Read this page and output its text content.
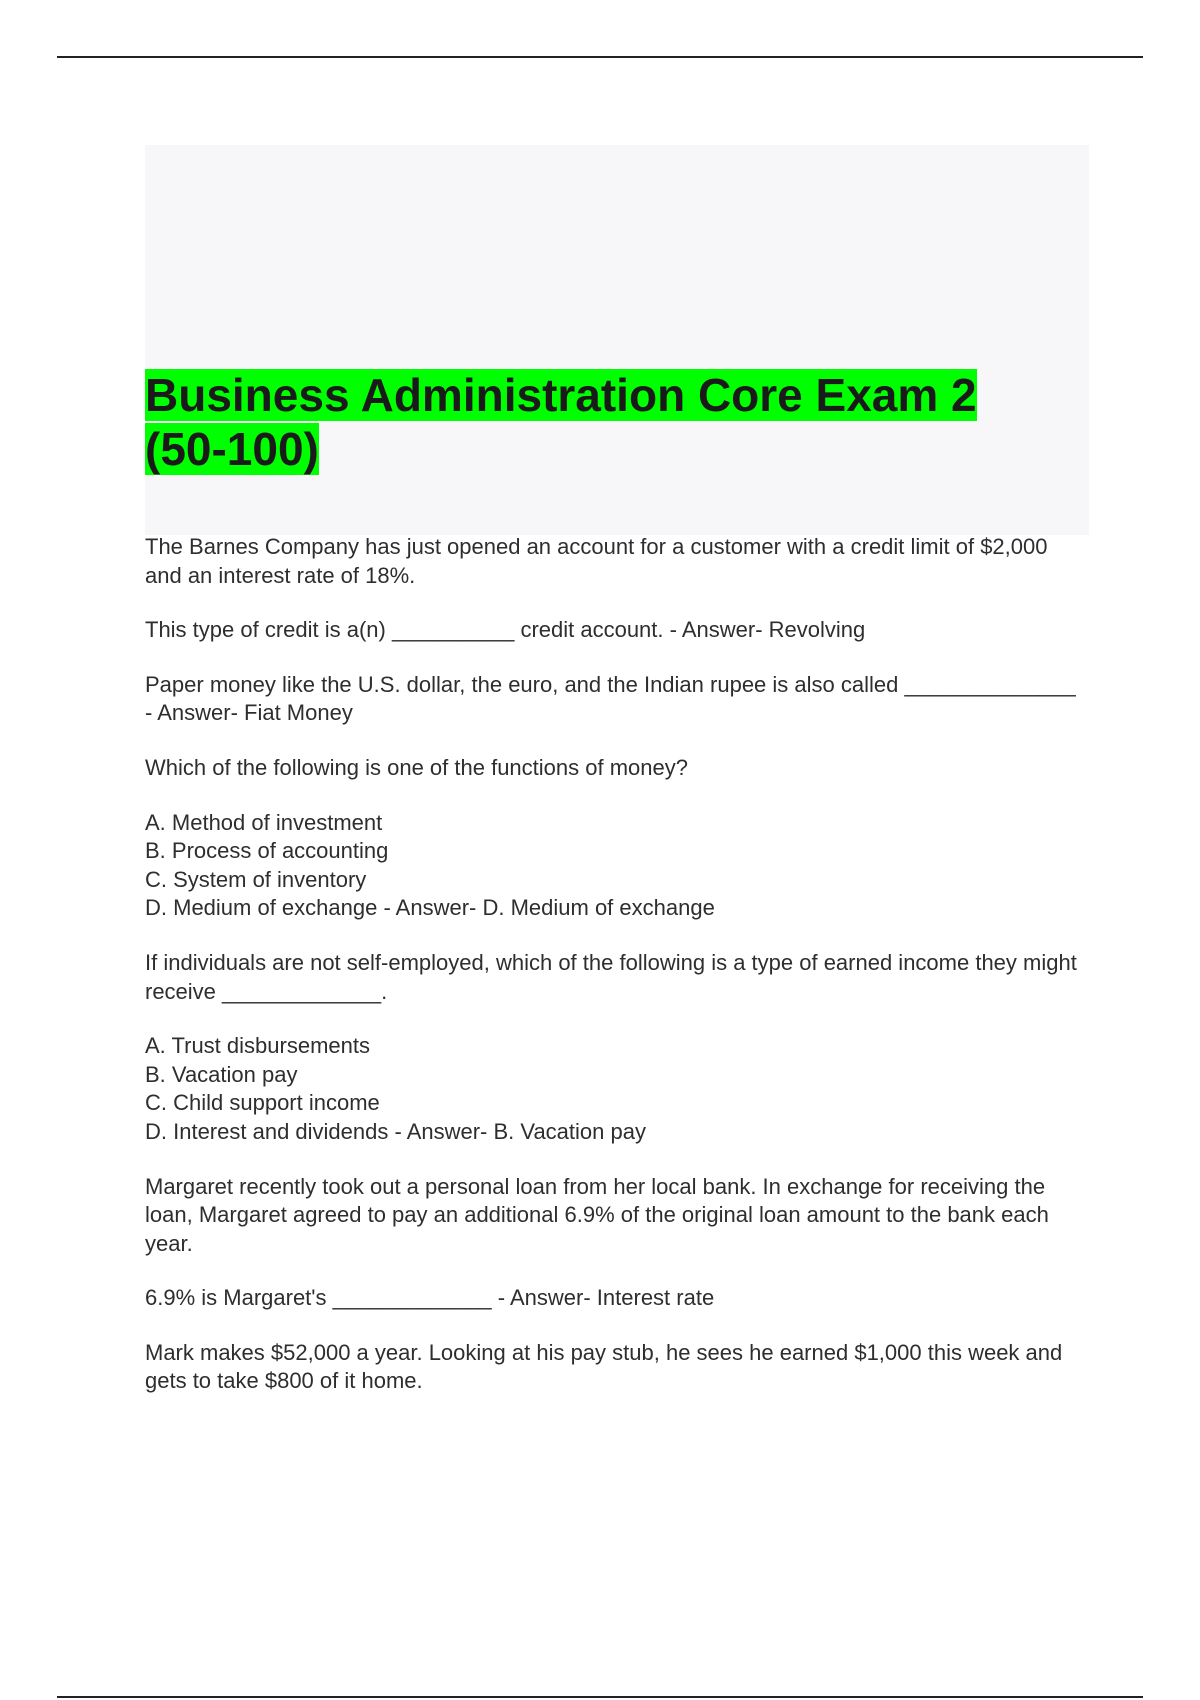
Business Administration Core Exam 2 (50-100)

The Barnes Company has just opened an account for a customer with a credit limit of $2,000 and an interest rate of 18%.

This type of credit is a(n) __________ credit account. - Answer- Revolving

Paper money like the U.S. dollar, the euro, and the Indian rupee is also called ______________ - Answer- Fiat Money

Which of the following is one of the functions of money?

A. Method of investment
B. Process of accounting
C. System of inventory
D. Medium of exchange - Answer- D. Medium of exchange

If individuals are not self-employed, which of the following is a type of earned income they might receive _____________.

A. Trust disbursements
B. Vacation pay
C. Child support income
D. Interest and dividends - Answer- B. Vacation pay

Margaret recently took out a personal loan from her local bank. In exchange for receiving the loan, Margaret agreed to pay an additional 6.9% of the original loan amount to the bank each year.

6.9% is Margaret's _____________ - Answer- Interest rate

Mark makes $52,000 a year. Looking at his pay stub, he sees he earned $1,000 this week and gets to take $800 of it home.
